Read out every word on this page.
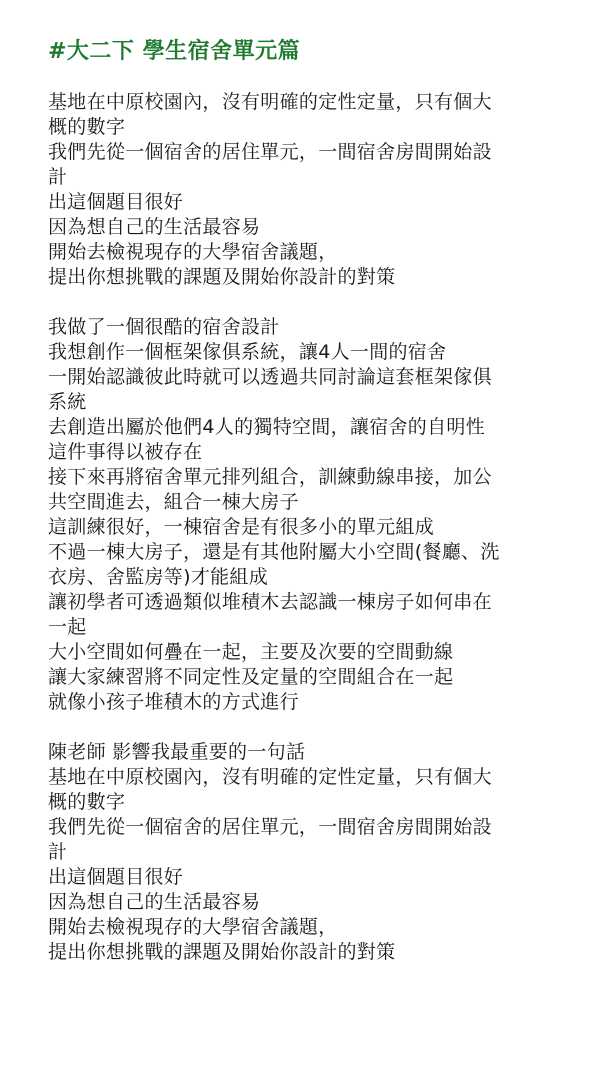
#大二下 學生宿舍單元篇
基地在中原校園內，沒有明確的定性定量，只有個大
概的數字
我們先從一個宿舍的居住單元，一間宿舍房間開始設
計
出這個題目很好
因為想自己的生活最容易
開始去檢視現存的大學宿舍議題，
提出你想挑戰的課題及開始你設計的對策
我做了一個很酷的宿舍設計
我想創作一個框架傢俱系統，讓4人一間的宿舍
一開始認識彼此時就可以透過共同討論這套框架傢俱
系統
去創造出屬於他們4人的獨特空間，讓宿舍的自明性
這件事得以被存在
接下來再將宿舍單元排列組合，訓練動線串接，加公
共空間進去，組合一棟大房子
這訓練很好，一棟宿舍是有很多小的單元組成
不過一棟大房子，還是有其他附屬大小空間(餐廳、洗
衣房、舍監房等)才能組成
讓初學者可透過類似堆積木去認識一棟房子如何串在
一起
大小空間如何疊在一起，主要及次要的空間動線
讓大家練習將不同定性及定量的空間組合在一起
就像小孩子堆積木的方式進行
陳老師 影響我最重要的一句話
基地在中原校園內，沒有明確的定性定量，只有個大
概的數字
我們先從一個宿舍的居住單元，一間宿舍房間開始設
計
出這個題目很好
因為想自己的生活最容易
開始去檢視現存的大學宿舍議題，
提出你想挑戰的課題及開始你設計的對策
